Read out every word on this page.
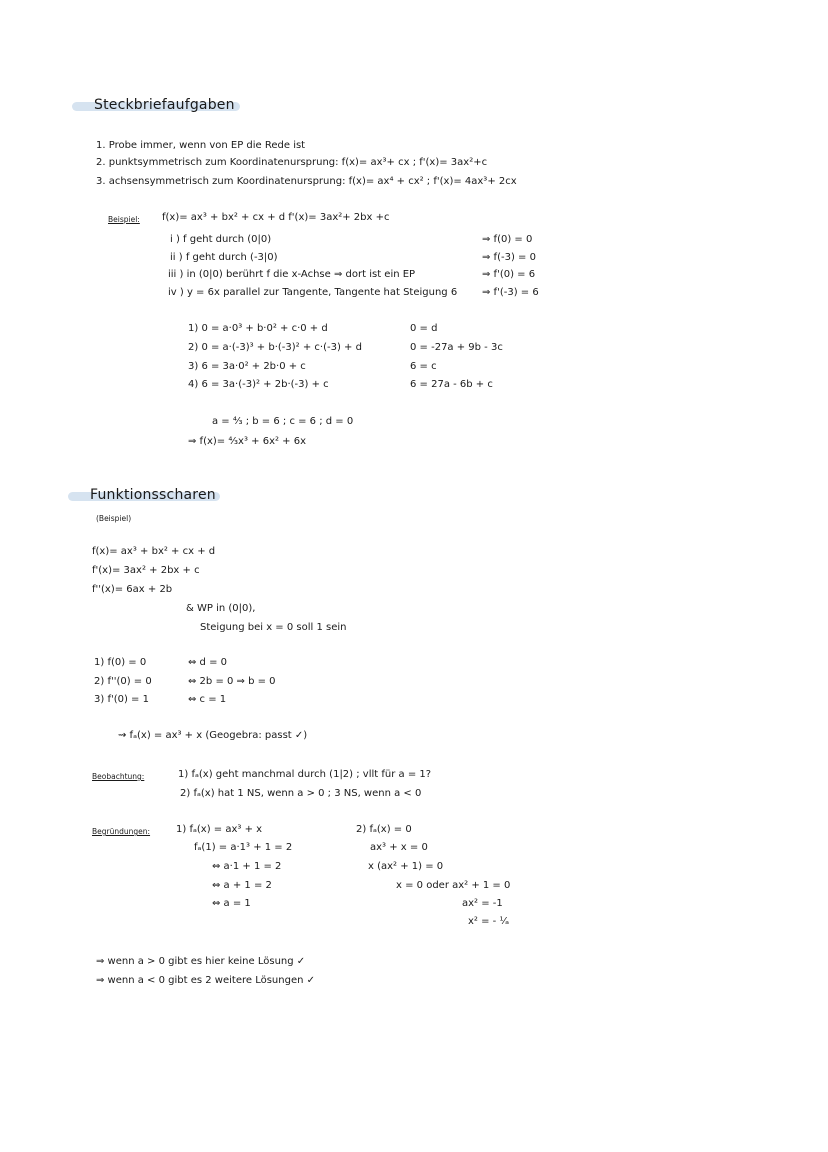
Steckbriefaufgaben
1. Probe immer, wenn von EP die Rede ist
2. punktsymmetrisch zum Koordinatenursprung: f(x)= ax³+ cx ; f'(x)= 3ax²+c
3. achsensymmetrisch zum Koordinatenursprung: f(x)= ax⁴ + cx² ; f'(x)= 4ax³+ 2cx
Beispiel: f(x)= ax³ + bx² + cx + d f'(x)= 3ax²+ 2bx +c
i ) f geht durch (0|0)	⇒ f(0) = 0
ii ) f geht durch (-3|0)	⇒ f(-3) = 0
iii ) in (0|0) berührt f die x-Achse ⇒ dort ist ein EP	⇒ f'(0) = 6
iv ) y = 6x parallel zur Tangente, Tangente hat Steigung 6 ⇒ f'(-3) = 6
1) 0 = a·0³ + b·0² + c·0 + d	0 = d
2) 0 = a·(-3)³ + b·(-3)² + c·(-3) + d	0 = -27a + 9b - 3c
3) 6 = 3a·0² + 2b·0 + c	6 = c
4) 6 = 3a·(-3)² + 2b·(-3) + c	6 = 27a - 6b + c
a = ⁴⁄₃ ; b = 6 ; c = 6 ; d = 0
⇒ f(x)= ⁴⁄₃x³ + 6x² + 6x
Funktionsscharen
(Beispiel)
f(x)= ax³ + bx² + cx + d
f'(x)= 3ax² + 2bx + c
f''(x)= 6ax + 2b
& WP in (0|0),
Steigung bei x = 0 soll 1 sein
1) f(0) = 0	⇔ d = 0
2) f''(0) = 0	⇔ 2b = 0 ⇒ b = 0
3) f'(0) = 1	⇔ c = 1
⇝ fₐ(x) = ax³ + x (Geogebra: passt ✓)
Beobachtung:	1) fₐ(x) geht manchmal durch (1|2) ; vllt für a = 1?
2) fₐ(x) hat 1 NS, wenn a > 0 ; 3 NS, wenn a < 0
Begründungen:	1) fₐ(x) = ax³ + x
fₐ(1) = a·1³ + 1 = 2
⇔ a·1 + 1 = 2
⇔ a + 1 = 2
⇔ a = 1
2) fₐ(x) = 0
ax³ + x = 0
x (ax² + 1) = 0
x = 0 oder ax² + 1 = 0
ax² = -1
x² = - ¹⁄ₐ
⇒ wenn a > 0 gibt es hier keine Lösung ✓
⇒ wenn a < 0 gibt es 2 weitere Lösungen ✓
